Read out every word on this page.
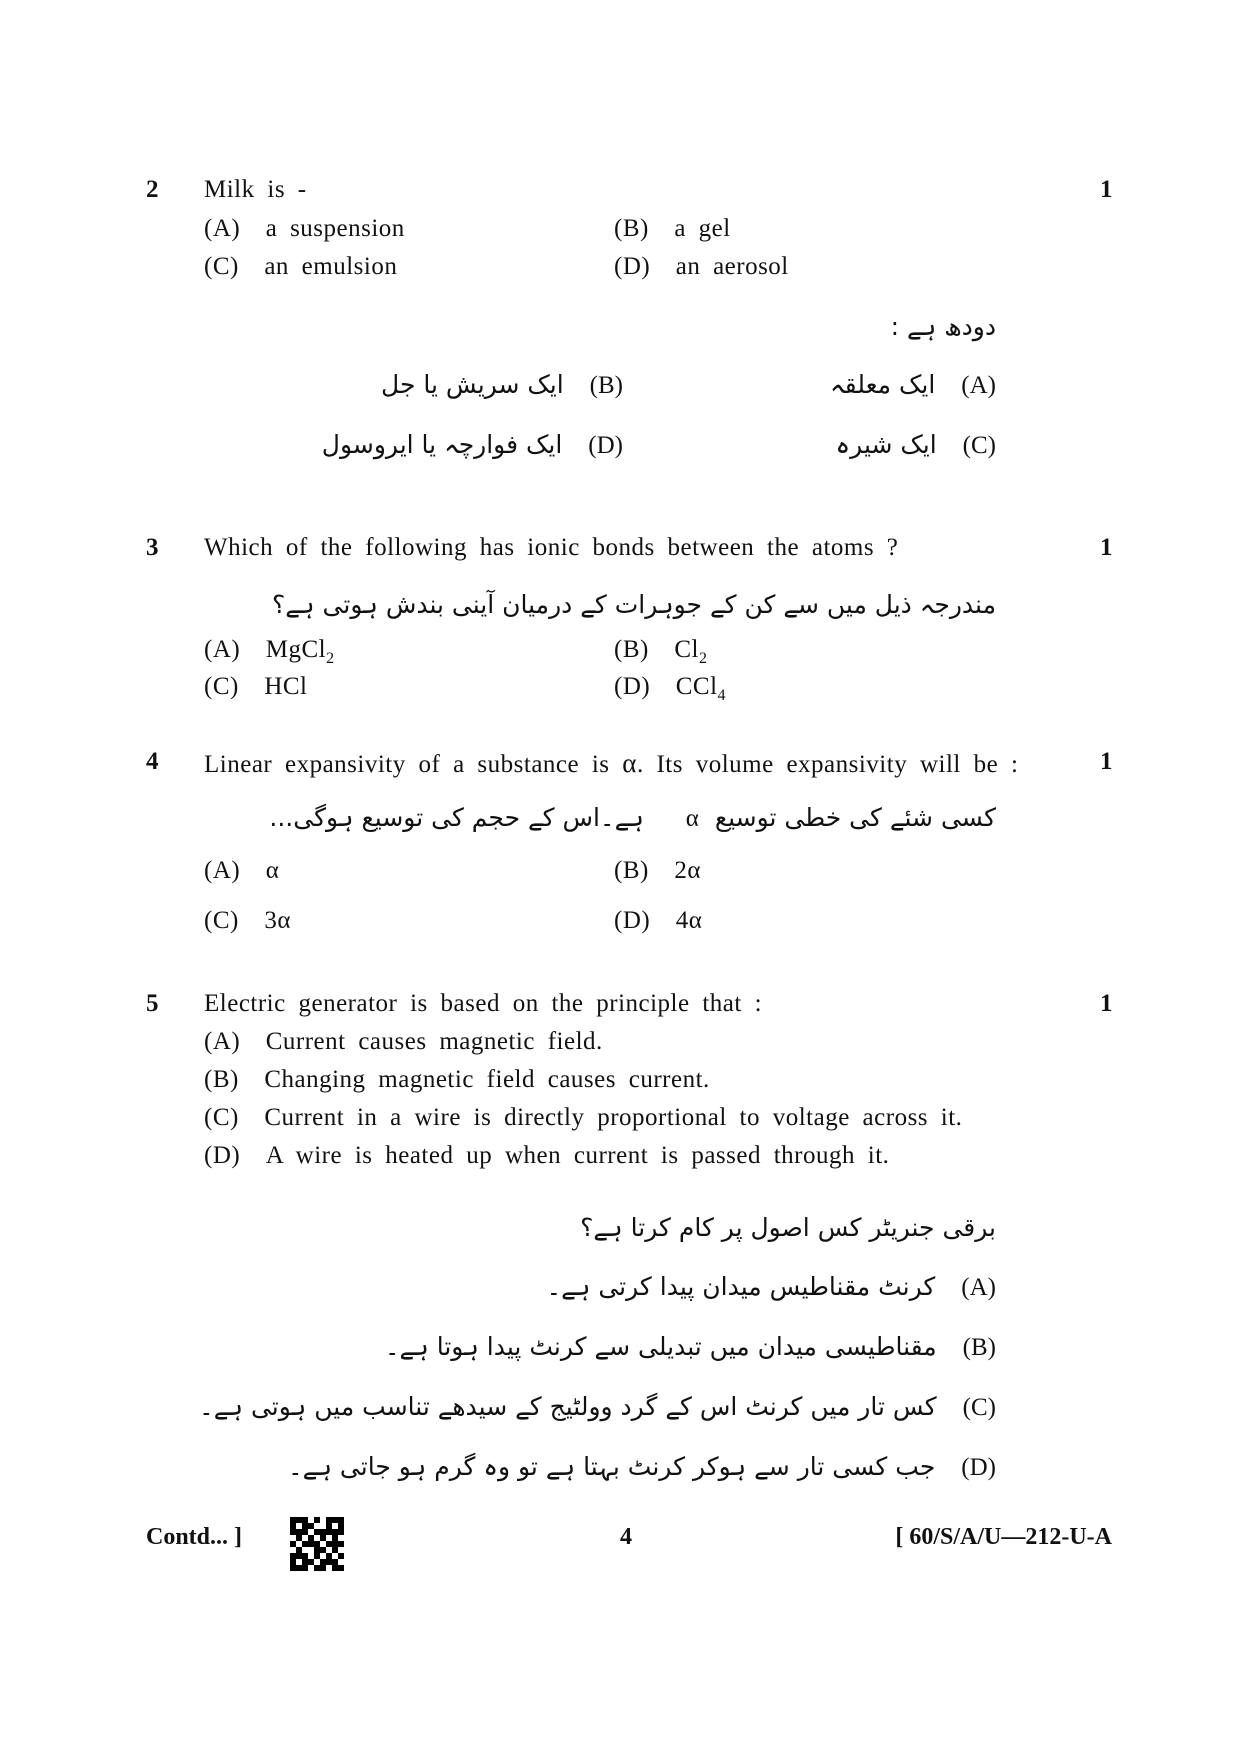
2 Milk is -	1
(A) a suspension	(B) a gel
(C) an emulsion	(D) an aerosol
دودھ ہے :
(A)ایک معلقہ
(B)ایک سریش یا جل
(C)ایک شیرہ
(D)ایک فوارچہ یا ایروسول
3 Which of the following has ionic bonds between the atoms ?	1
مندرجہ ذیل میں سے کن کے جوہرات کے درمیان آینی بندش ہوتی ہے؟
(A) MgCl$_2$	(B) $Cl_2$
(C) HCl	(D) CCl$_4$
4 Linear expansivity of a substance is α. Its volume expansivity will be :	1
کسی شئے کی خطی توسیع  α  ہے۔اس کے حجم کی توسیع ہوگی...
(A) α	(B) 2α
(C) 3α	(D) 4α
5 Electric generator is based on the principle that :	1
(A) Current causes magnetic field.
(B) Changing magnetic field causes current.
(C) Current in a wire is directly proportional to voltage across it.
(D) A wire is heated up when current is passed through it.
برقی جنریٹر کس اصول پر کام کرتا ہے؟
(A)کرنٹ مقناطیس میدان پیدا کرتی ہے۔
(B)مقناطیسی میدان میں تبدیلی سے کرنٹ پیدا ہوتا ہے۔
(C)کس تار میں کرنٹ اس کے گرد وولٹیج کے سیدھے تناسب میں ہوتی ہے۔
(D)جب کسی تار سے ہوکر کرنٹ بہتا ہے تو وہ گرم ہو جاتی ہے۔
Contd... ]	4	[ 60/S/A/U—212-U-A
